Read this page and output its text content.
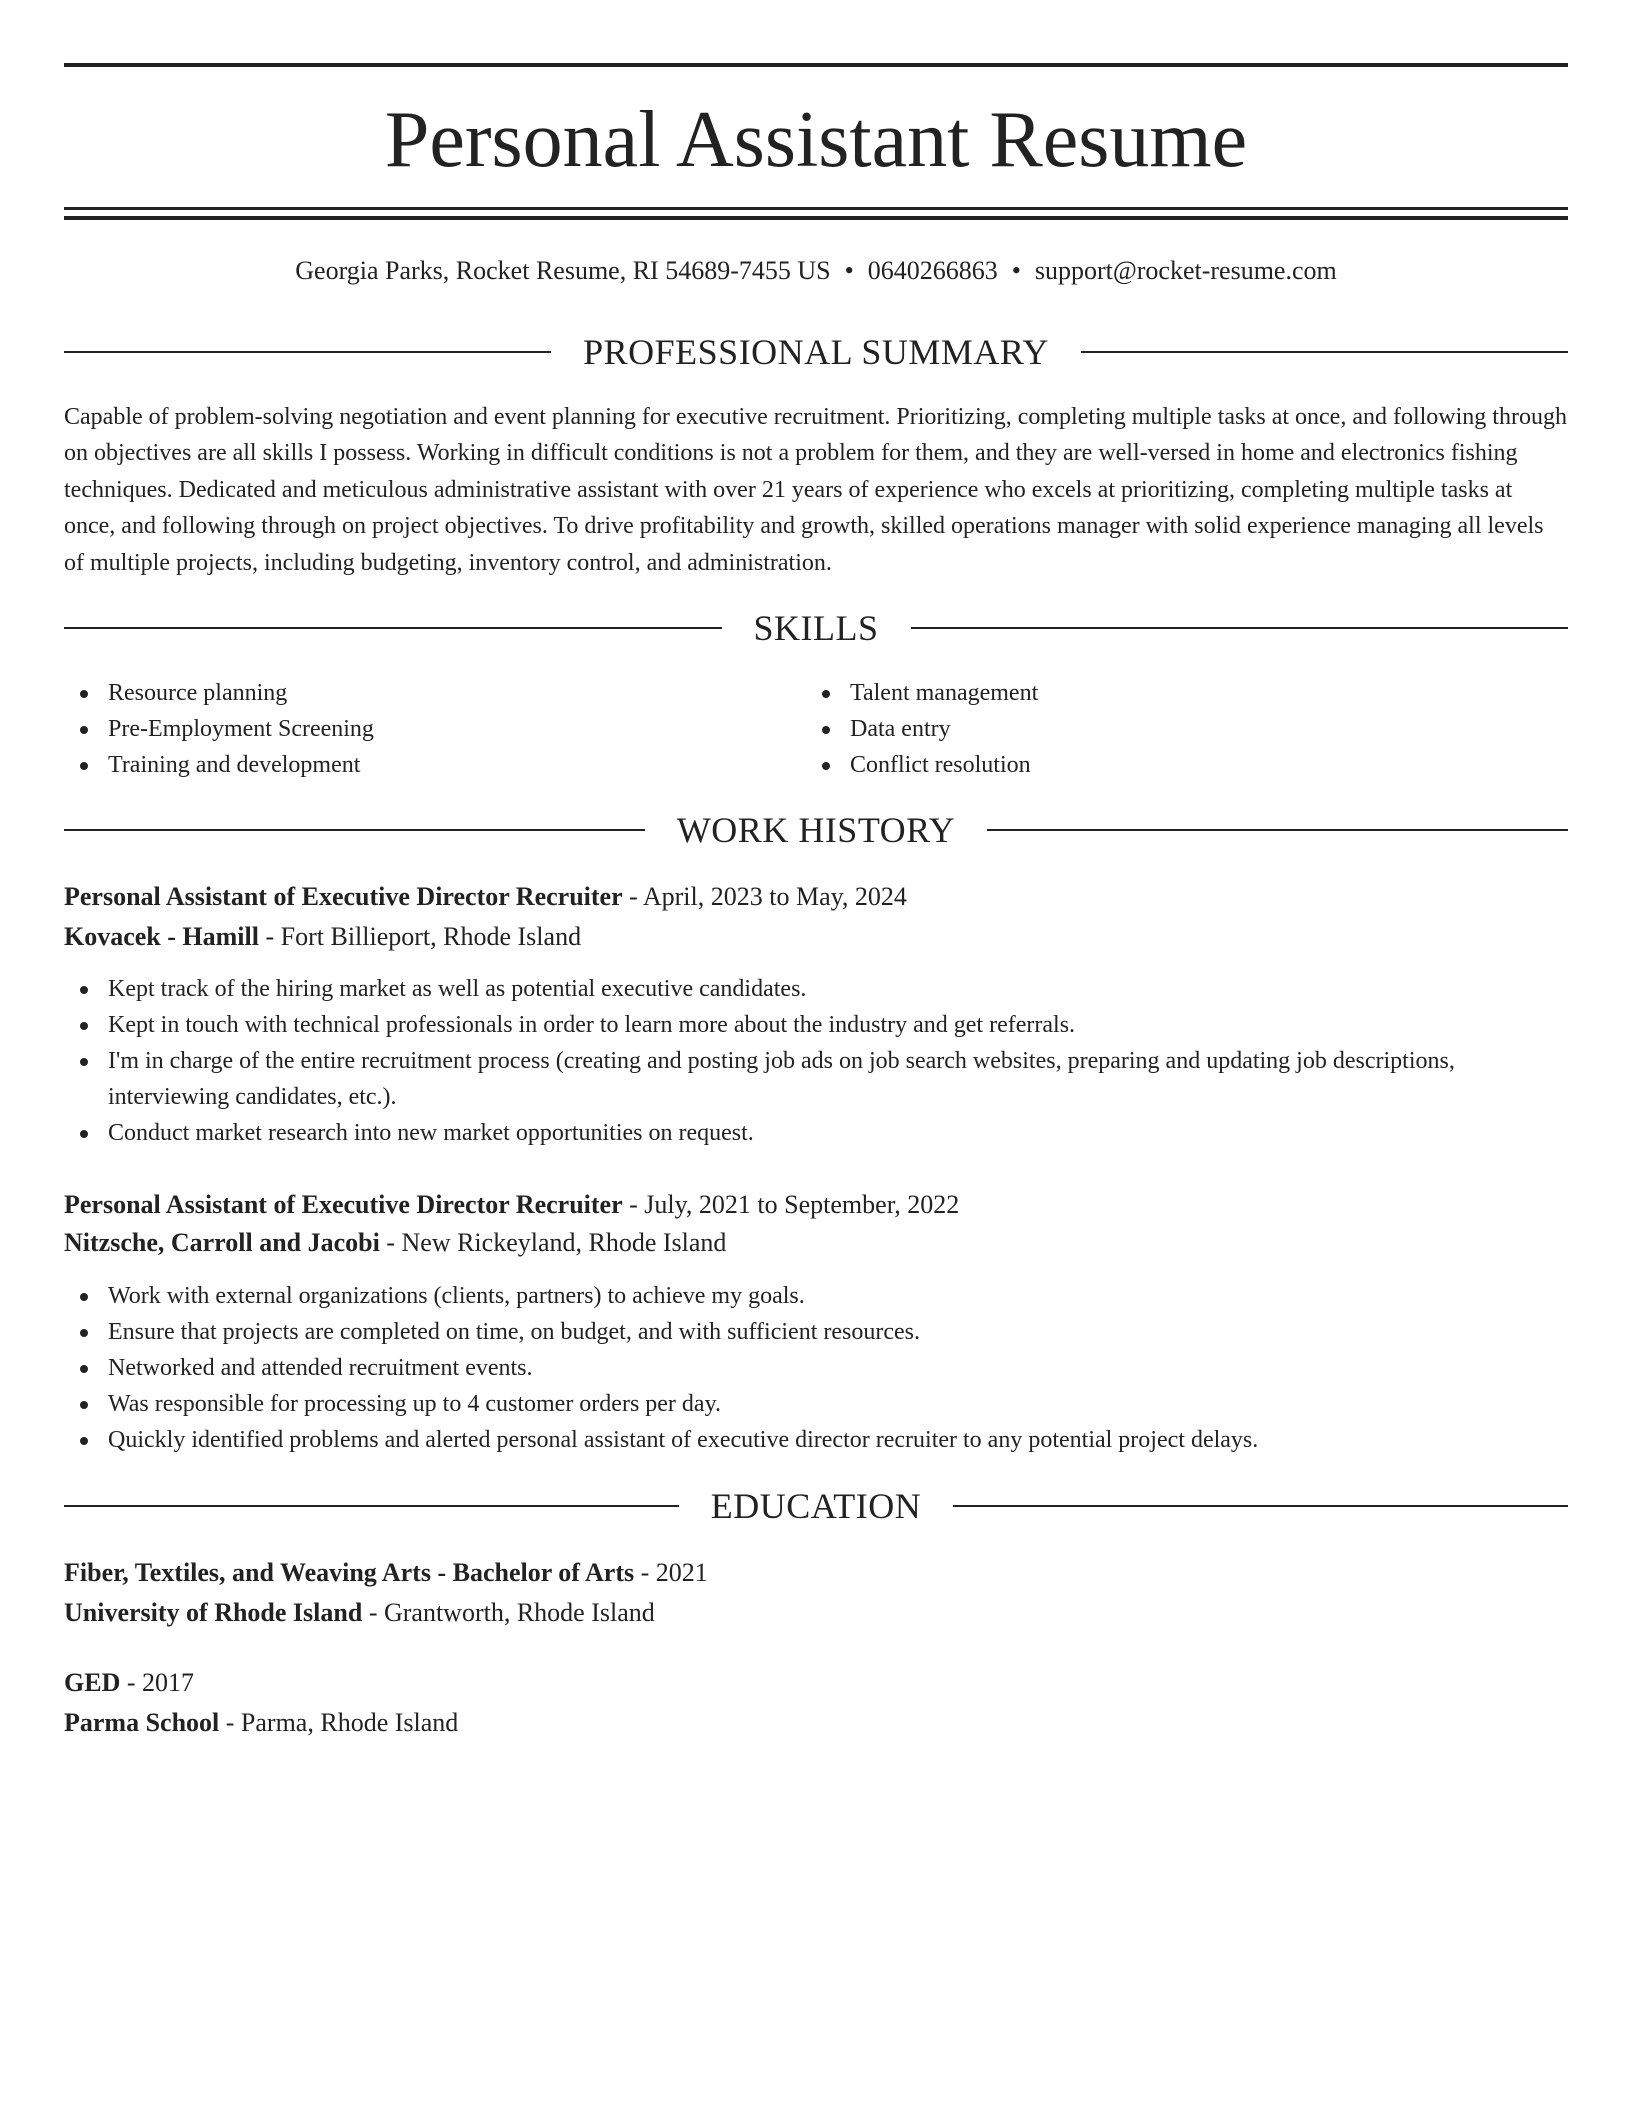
Personal Assistant Resume
Georgia Parks, Rocket Resume, RI 54689-7455 US • 0640266863 • support@rocket-resume.com
PROFESSIONAL SUMMARY

Capable of problem-solving negotiation and event planning for executive recruitment. Prioritizing, completing multiple tasks at once, and following through on objectives are all skills I possess. Working in difficult conditions is not a problem for them, and they are well-versed in home and electronics fishing techniques. Dedicated and meticulous administrative assistant with over 21 years of experience who excels at prioritizing, completing multiple tasks at once, and following through on project objectives. To drive profitability and growth, skilled operations manager with solid experience managing all levels of multiple projects, including budgeting, inventory control, and administration.

SKILLS
Resource planning
Pre-Employment Screening
Training and development
Talent management
Data entry
Conflict resolution
WORK HISTORY
Personal Assistant of Executive Director Recruiter - April, 2023 to May, 2024
Kovacek - Hamill - Fort Billieport, Rhode Island
Kept track of the hiring market as well as potential executive candidates.
Kept in touch with technical professionals in order to learn more about the industry and get referrals.
I'm in charge of the entire recruitment process (creating and posting job ads on job search websites, preparing and updating job descriptions, interviewing candidates, etc.).
Conduct market research into new market opportunities on request.
Personal Assistant of Executive Director Recruiter - July, 2021 to September, 2022
Nitzsche, Carroll and Jacobi - New Rickeyland, Rhode Island
Work with external organizations (clients, partners) to achieve my goals.
Ensure that projects are completed on time, on budget, and with sufficient resources.
Networked and attended recruitment events.
Was responsible for processing up to 4 customer orders per day.
Quickly identified problems and alerted personal assistant of executive director recruiter to any potential project delays.
EDUCATION
Fiber, Textiles, and Weaving Arts - Bachelor of Arts - 2021
University of Rhode Island - Grantworth, Rhode Island
GED - 2017
Parma School - Parma, Rhode Island
